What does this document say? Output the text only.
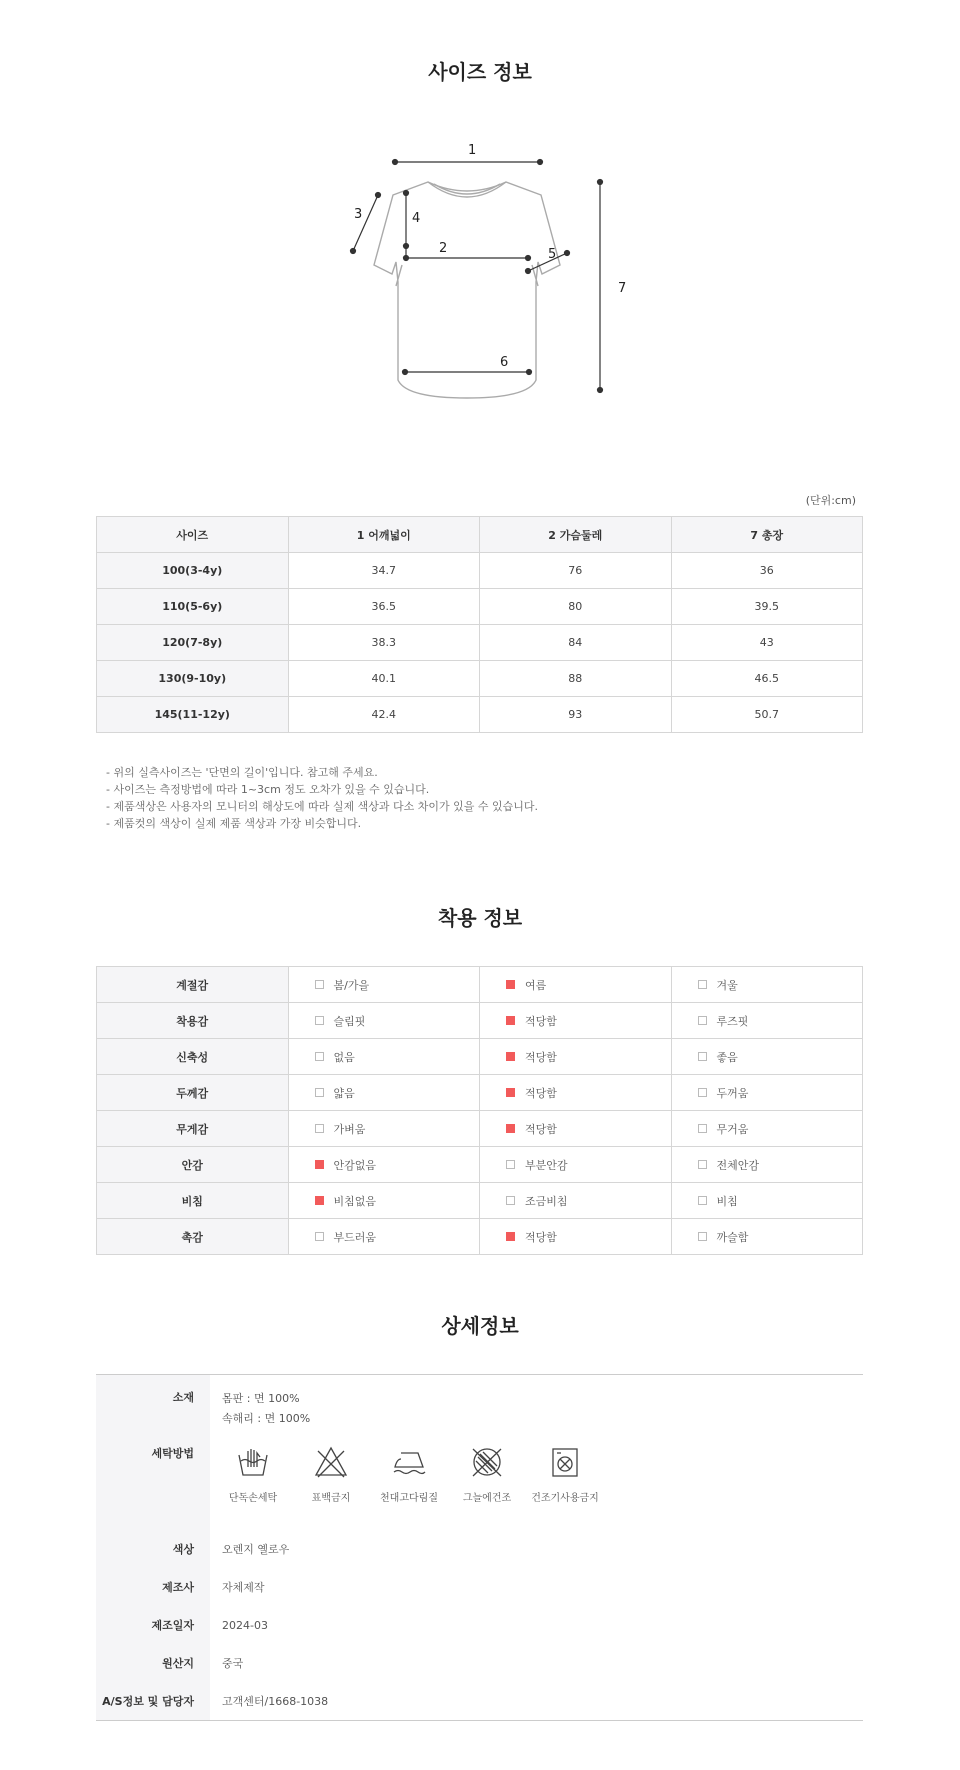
사이즈 정보
1
2
3	4
5
6
7
(단위:cm)
사이즈	1 어깨넓이	2 가슴둘레	7 총장
100(3-4y)	34.7	76	36
110(5-6y)	36.5	80	39.5
120(7-8y)	38.3	84	43
130(9-10y)	40.1	88	46.5
145(11-12y)	42.4	93	50.7
- 위의 실측사이즈는 '단면의 길이'입니다. 참고해 주세요.
- 사이즈는 측정방법에 따라 1~3cm 정도 오차가 있을 수 있습니다.
- 제품색상은 사용자의 모니터의 해상도에 따라 실제 색상과 다소 차이가 있을 수 있습니다.
- 제품컷의 색상이 실제 제품 색상과 가장 비슷합니다.
착용 정보
계절감	봄/가을	여름	겨울
착용감	슬림핏	적당함	루즈핏
신축성	없음	적당함	좋음
두께감	얇음	적당함	두꺼움
무게감	가벼움	적당함	무거움
안감	안감없음	부분안감	전체안감
비침	비침없음	조금비침	비침
촉감	부드러움	적당함	까슬함
상세정보
소재	몸판 : 면 100%
속해리 : 면 100%
세탁방법
단독손세탁	표백금지	천대고다림질	그늘에건조	건조기사용금지
색상	오렌지 옐로우
제조사	자체제작
제조일자	2024-03
원산지	중국
A/S정보 및 담당자	고객센터/1668-1038
